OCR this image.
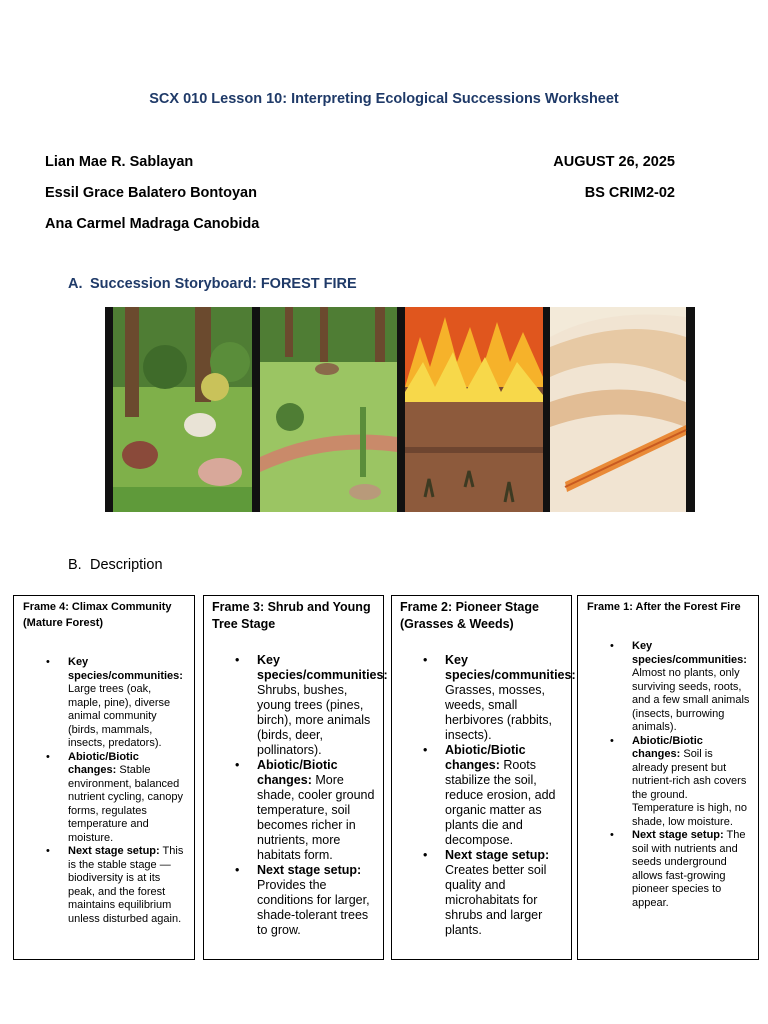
SCX 010 Lesson 10: Interpreting Ecological Successions Worksheet
Lian Mae R. Sablayan
Essil Grace Balatero Bontoyan
Ana Carmel Madraga Canobida
AUGUST 26, 2025
BS CRIM2-02
A. Succession Storyboard: FOREST FIRE
B. Description
Frame 4: Climax Community (Mature Forest)
• Key species/communities: Large trees (oak, maple, pine), diverse animal community (birds, mammals, insects, predators).
• Abiotic/Biotic changes: Stable environment, balanced nutrient cycling, canopy forms, regulates temperature and moisture.
• Next stage setup: This is the stable stage — biodiversity is at its peak, and the forest maintains equilibrium unless disturbed again.
Frame 3: Shrub and Young Tree Stage
• Key species/communities: Shrubs, bushes, young trees (pines, birch), more animals (birds, deer, pollinators).
• Abiotic/Biotic changes: More shade, cooler ground temperature, soil becomes richer in nutrients, more habitats form.
• Next stage setup: Provides the conditions for larger, shade-tolerant trees to grow.
Frame 2: Pioneer Stage (Grasses & Weeds)
• Key species/communities: Grasses, mosses, weeds, small herbivores (rabbits, insects).
• Abiotic/Biotic changes: Roots stabilize the soil, reduce erosion, add organic matter as plants die and decompose.
• Next stage setup: Creates better soil quality and microhabitats for shrubs and larger plants.
Frame 1: After the Forest Fire
• Key species/communities: Almost no plants, only surviving seeds, roots, and a few small animals (insects, burrowing animals).
• Abiotic/Biotic changes: Soil is already present but nutrient-rich ash covers the ground. Temperature is high, no shade, low moisture.
• Next stage setup: The soil with nutrients and seeds underground allows fast-growing pioneer species to appear.
